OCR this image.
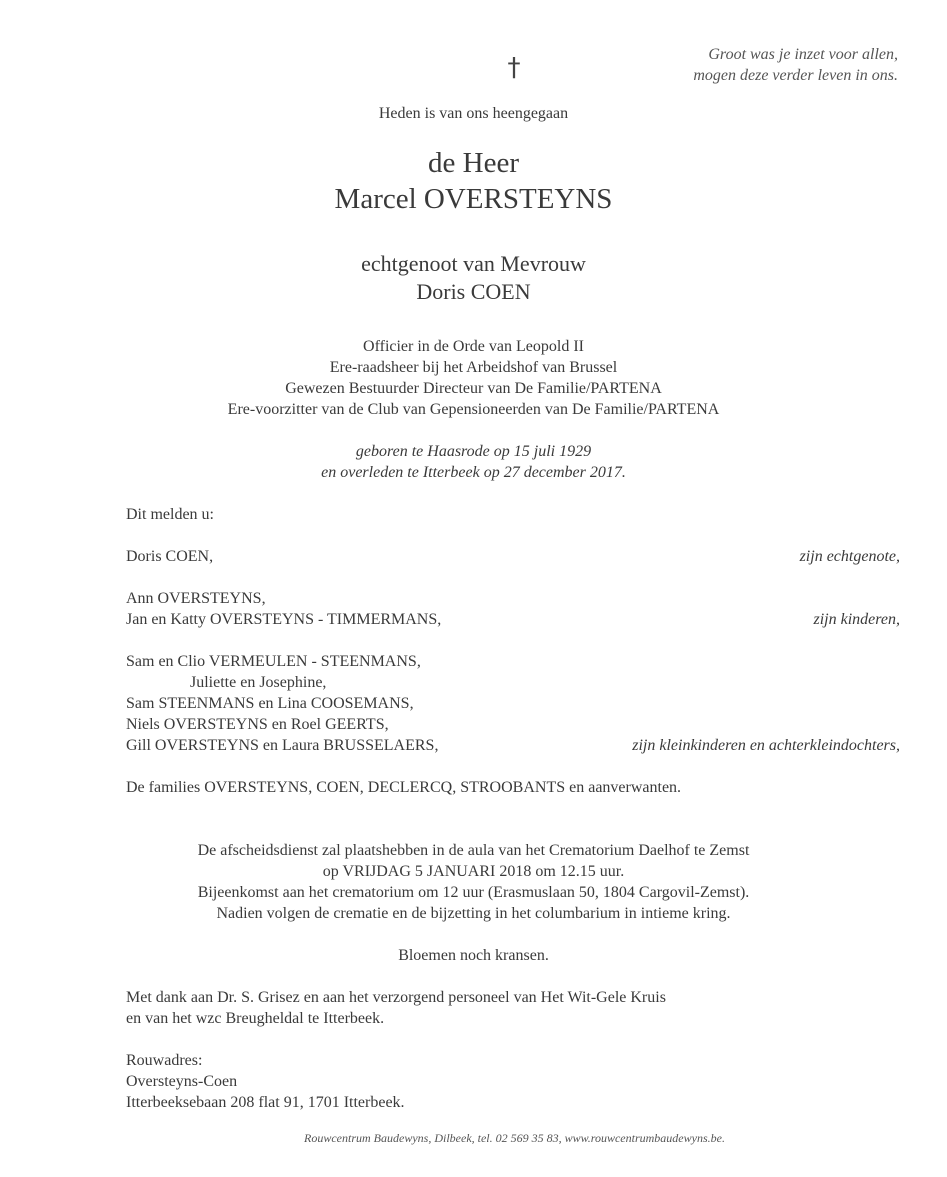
Groot was je inzet voor allen,
mogen deze verder leven in ons.
†
Heden is van ons heengegaan
de Heer
Marcel OVERSTEYNS
echtgenoot van Mevrouw
Doris COEN
Officier in de Orde van Leopold II
Ere-raadsheer bij het Arbeidshof van Brussel
Gewezen Bestuurder Directeur van De Familie/PARTENA
Ere-voorzitter van de Club van Gepensioneerden van De Familie/PARTENA
geboren te Haasrode op 15 juli 1929
en overleden te Itterbeek op 27 december 2017.
Dit melden u:
Doris COEN,	zijn echtgenote,
Ann OVERSTEYNS,
Jan en Katty OVERSTEYNS - TIMMERMANS,	zijn kinderen,
Sam en Clio VERMEULEN - STEENMANS,
Juliette en Josephine,
Sam STEENMANS en Lina COOSEMANS,
Niels OVERSTEYNS en Roel GEERTS,
Gill OVERSTEYNS en Laura BRUSSELAERS,	zijn kleinkinderen en achterkleindochters,
De families OVERSTEYNS, COEN, DECLERCQ, STROOBANTS en aanverwanten.
De afscheidsdienst zal plaatshebben in de aula van het Crematorium Daelhof te Zemst
op VRIJDAG 5 JANUARI 2018 om 12.15 uur.
Bijeenkomst aan het crematorium om 12 uur (Erasmuslaan 50, 1804 Cargovil-Zemst).
Nadien volgen de crematie en de bijzetting in het columbarium in intieme kring.
Bloemen noch kransen.
Met dank aan Dr. S. Grisez en aan het verzorgend personeel van Het Wit-Gele Kruis
en van het wzc Breugheldal te Itterbeek.
Rouwadres:
Oversteyns-Coen
Itterbeeksebaan 208 flat 91, 1701 Itterbeek.
Rouwcentrum Baudewyns, Dilbeek, tel. 02 569 35 83, www.rouwcentrumbaudewyns.be.
